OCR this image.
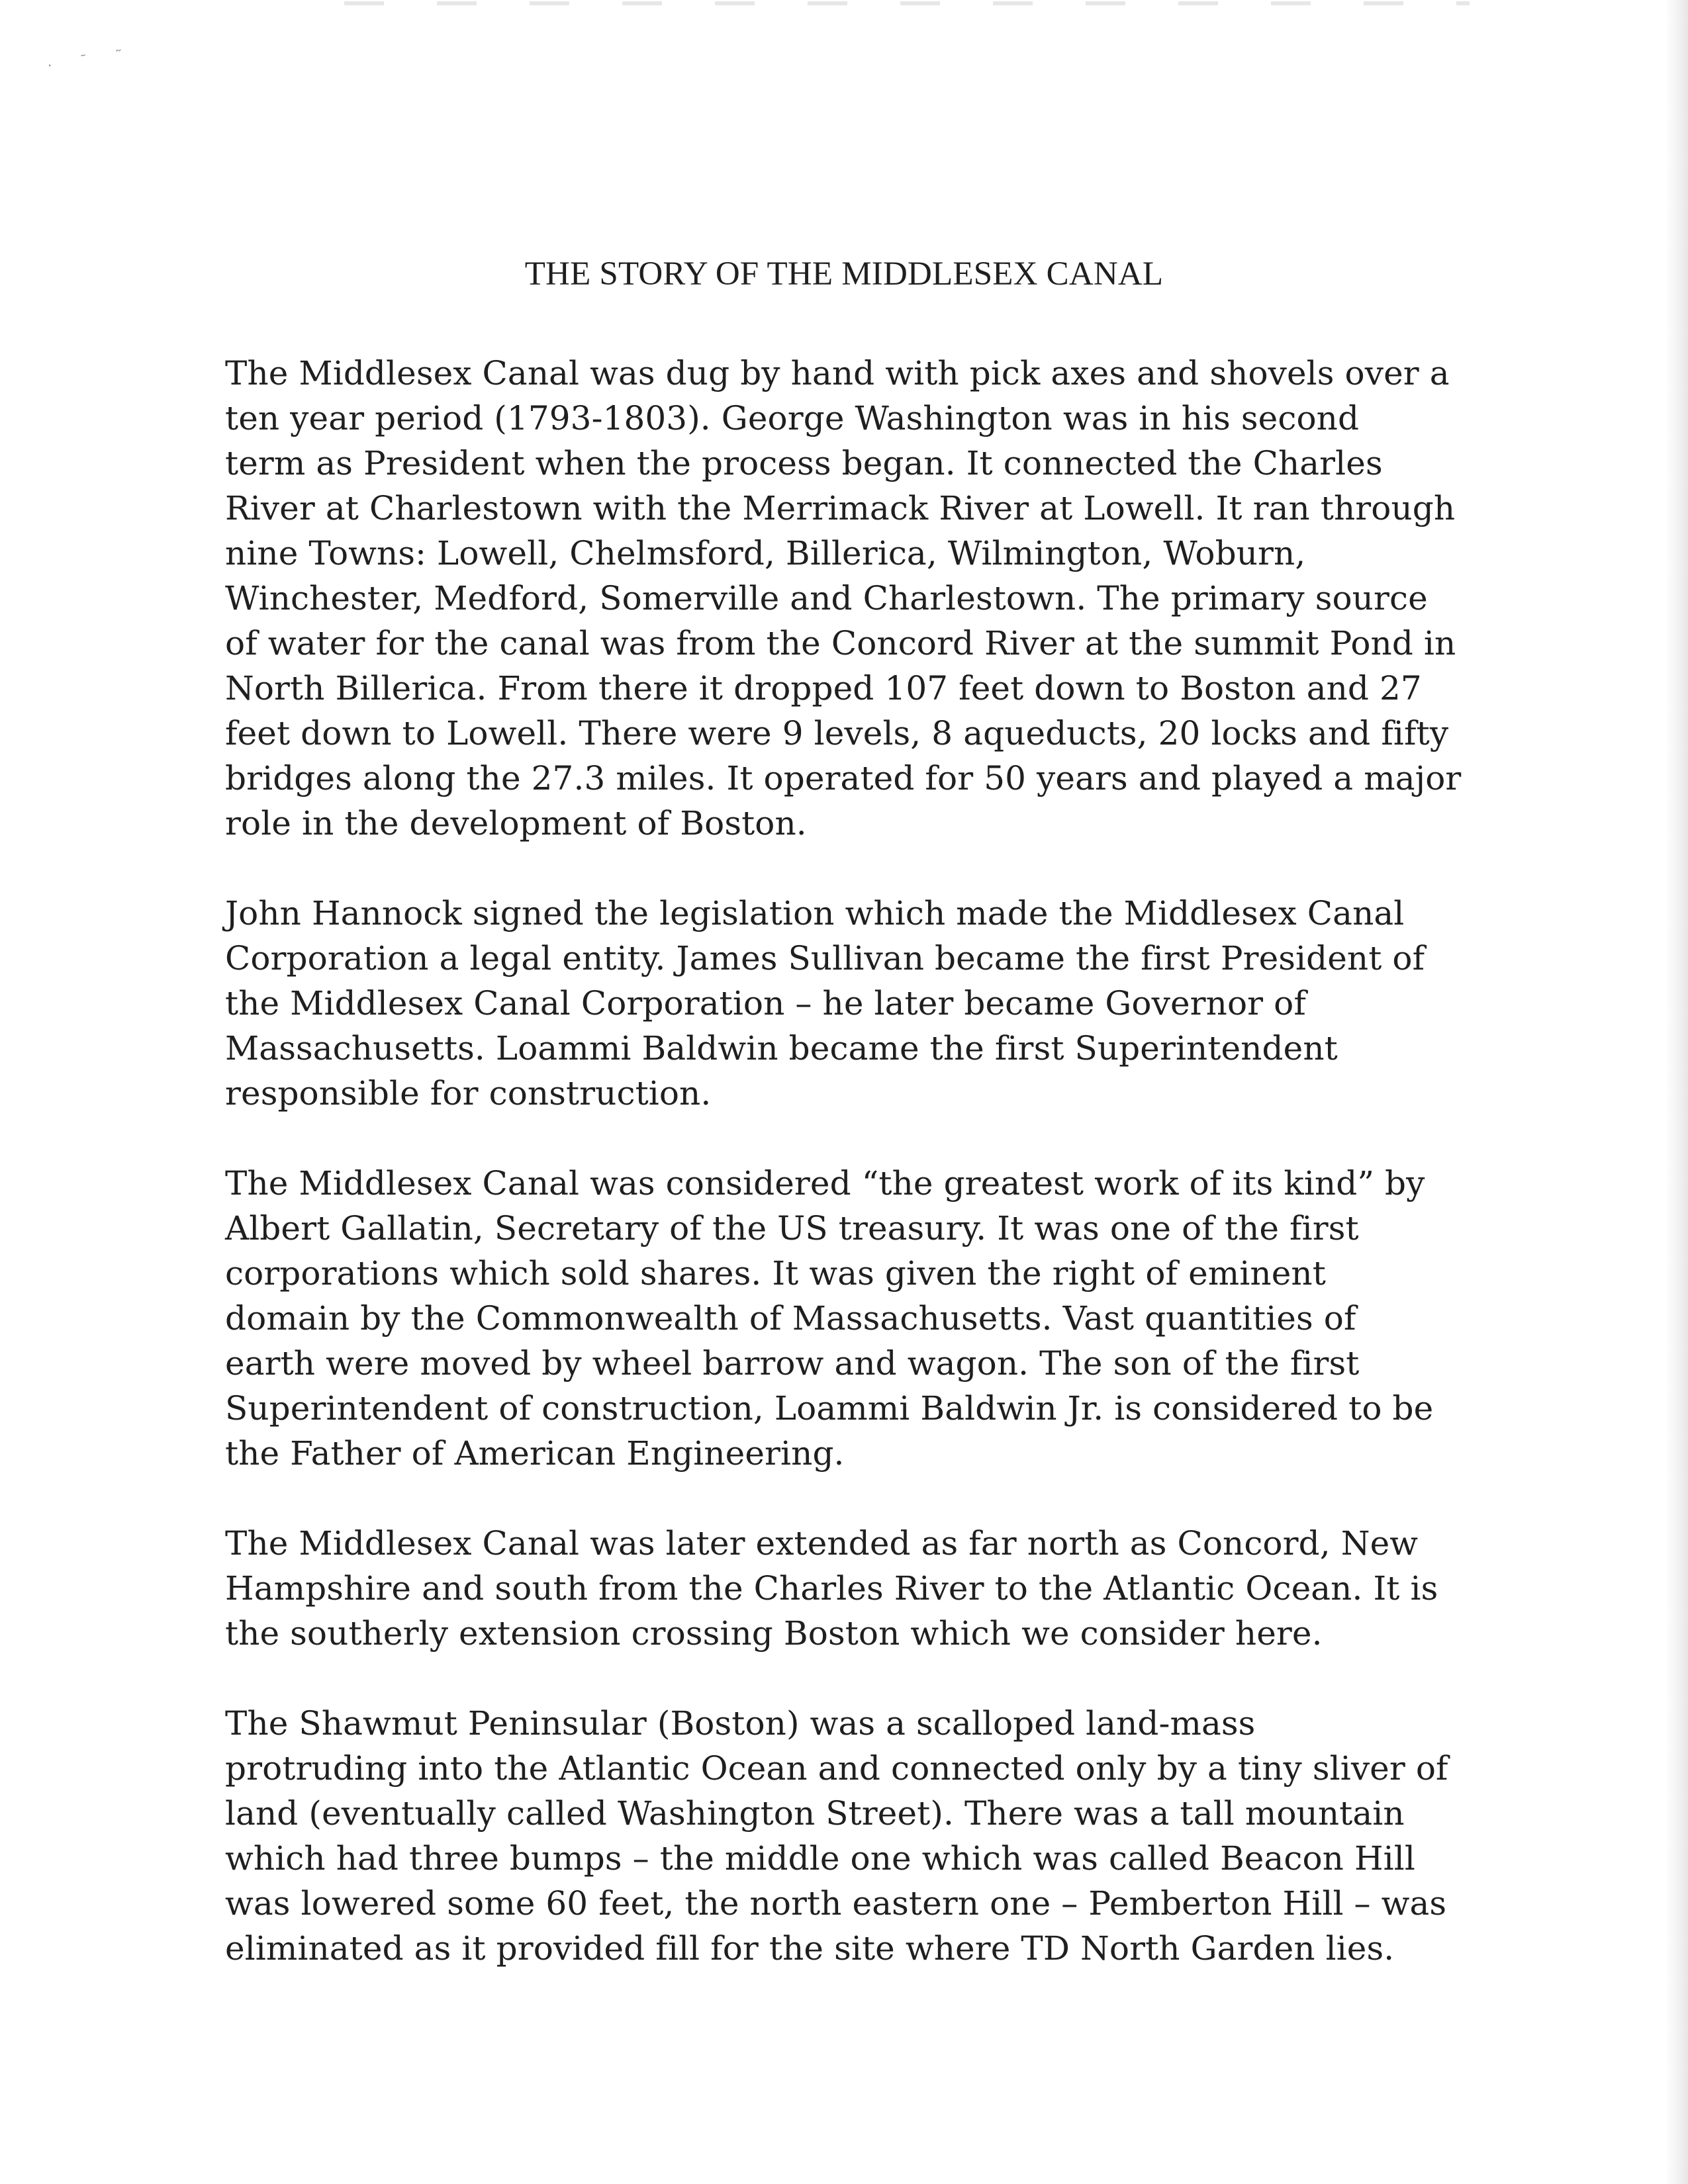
· ˉ ˜
THE STORY OF THE MIDDLESEX CANAL

The Middlesex Canal was dug by hand with pick axes and shovels over a
ten year period (1793-1803). George Washington was in his second
term as President when the process began. It connected the Charles
River at Charlestown with the Merrimack River at Lowell. It ran through
nine Towns: Lowell, Chelmsford, Billerica, Wilmington, Woburn,
Winchester, Medford, Somerville and Charlestown. The primary source
of water for the canal was from the Concord River at the summit Pond in
North Billerica. From there it dropped 107 feet down to Boston and 27
feet down to Lowell. There were 9 levels, 8 aqueducts, 20 locks and fifty
bridges along the 27.3 miles. It operated for 50 years and played a major
role in the development of Boston.

John Hannock signed the legislation which made the Middlesex Canal
Corporation a legal entity. James Sullivan became the first President of
the Middlesex Canal Corporation – he later became Governor of
Massachusetts. Loammi Baldwin became the first Superintendent
responsible for construction.

The Middlesex Canal was considered “the greatest work of its kind” by
Albert Gallatin, Secretary of the US treasury. It was one of the first
corporations which sold shares. It was given the right of eminent
domain by the Commonwealth of Massachusetts. Vast quantities of
earth were moved by wheel barrow and wagon. The son of the first
Superintendent of construction, Loammi Baldwin Jr. is considered to be
the Father of American Engineering.

The Middlesex Canal was later extended as far north as Concord, New
Hampshire and south from the Charles River to the Atlantic Ocean. It is
the southerly extension crossing Boston which we consider here.

The Shawmut Peninsular (Boston) was a scalloped land-mass
protruding into the Atlantic Ocean and connected only by a tiny sliver of
land (eventually called Washington Street). There was a tall mountain
which had three bumps – the middle one which was called Beacon Hill
was lowered some 60 feet, the north eastern one – Pemberton Hill – was
eliminated as it provided fill for the site where TD North Garden lies.
